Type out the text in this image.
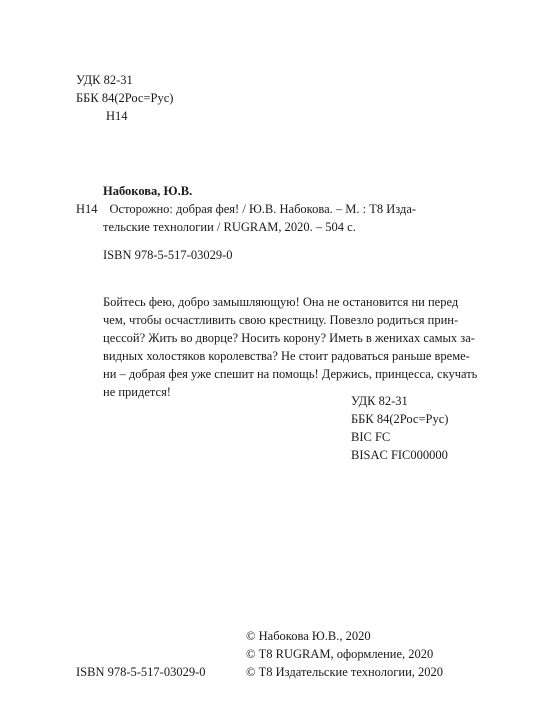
УДК 82-31
ББК 84(2Рос=Рус)
Н14
Набокова, Ю.В.
Н14 Осторожно: добрая фея! / Ю.В. Набокова. – М. : Т8 Изда-
тельские технологии / RUGRAM, 2020. – 504 с.
ISBN 978-5-517-03029-0
Бойтесь фею, добро замышляющую! Она не остановится ни перед
чем, чтобы осчастливить свою крестницу. Повезло родиться прин-
цессой? Жить во дворце? Носить корону? Иметь в женихах самых за-
видных холостяков королевства? Не стоит радоваться раньше време-
ни – добрая фея уже спешит на помощь! Держись, принцесса, скучать
не придется!
УДК 82-31
ББК 84(2Рос=Рус)
BIC FC
BISAC FIC000000
© Набокова Ю.В., 2020
© Т8 RUGRAM, оформление, 2020
© Т8 Издательские технологии, 2020
ISBN 978-5-517-03029-0
